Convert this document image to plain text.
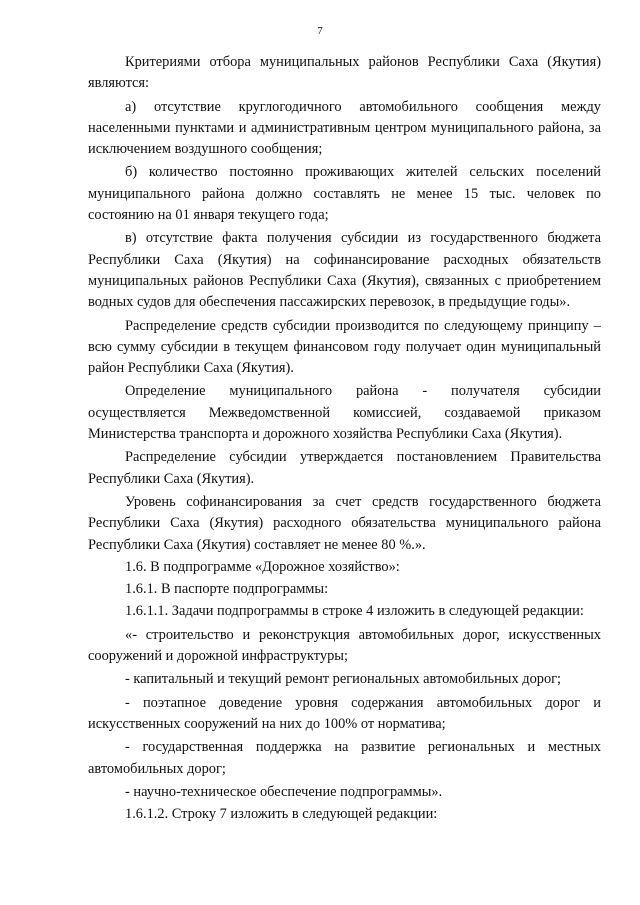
7

Критериями отбора муниципальных районов Республики Саха (Якутия) являются:

а) отсутствие круглогодичного автомобильного сообщения между населенными пунктами и административным центром муниципального района, за исключением воздушного сообщения;

б) количество постоянно проживающих жителей сельских поселений муниципального района должно составлять не менее 15 тыс. человек по состоянию на 01 января текущего года;

в) отсутствие факта получения субсидии из государственного бюджета Республики Саха (Якутия) на софинансирование расходных обязательств муниципальных районов Республики Саха (Якутия), связанных с приобретением водных судов для обеспечения пассажирских перевозок, в предыдущие годы».

Распределение средств субсидии производится по следующему принципу – всю сумму субсидии в текущем финансовом году получает один муниципальный район Республики Саха (Якутия).

Определение муниципального района - получателя субсидии осуществляется Межведомственной комиссией, создаваемой приказом Министерства транспорта и дорожного хозяйства Республики Саха (Якутия).

Распределение субсидии утверждается постановлением Правительства Республики Саха (Якутия).

Уровень софинансирования за счет средств государственного бюджета Республики Саха (Якутия) расходного обязательства муниципального района Республики Саха (Якутия) составляет не менее 80 %.».

1.6. В подпрограмме «Дорожное хозяйство»:

1.6.1. В паспорте подпрограммы:

1.6.1.1. Задачи подпрограммы в строке 4 изложить в следующей редакции:

«- строительство и реконструкция автомобильных дорог, искусственных сооружений и дорожной инфраструктуры;

- капитальный и текущий ремонт региональных автомобильных дорог;

- поэтапное доведение уровня содержания автомобильных дорог и искусственных сооружений на них до 100% от норматива;

- государственная поддержка на развитие региональных и местных автомобильных дорог;

- научно-техническое обеспечение подпрограммы».

1.6.1.2. Строку 7 изложить в следующей редакции:
